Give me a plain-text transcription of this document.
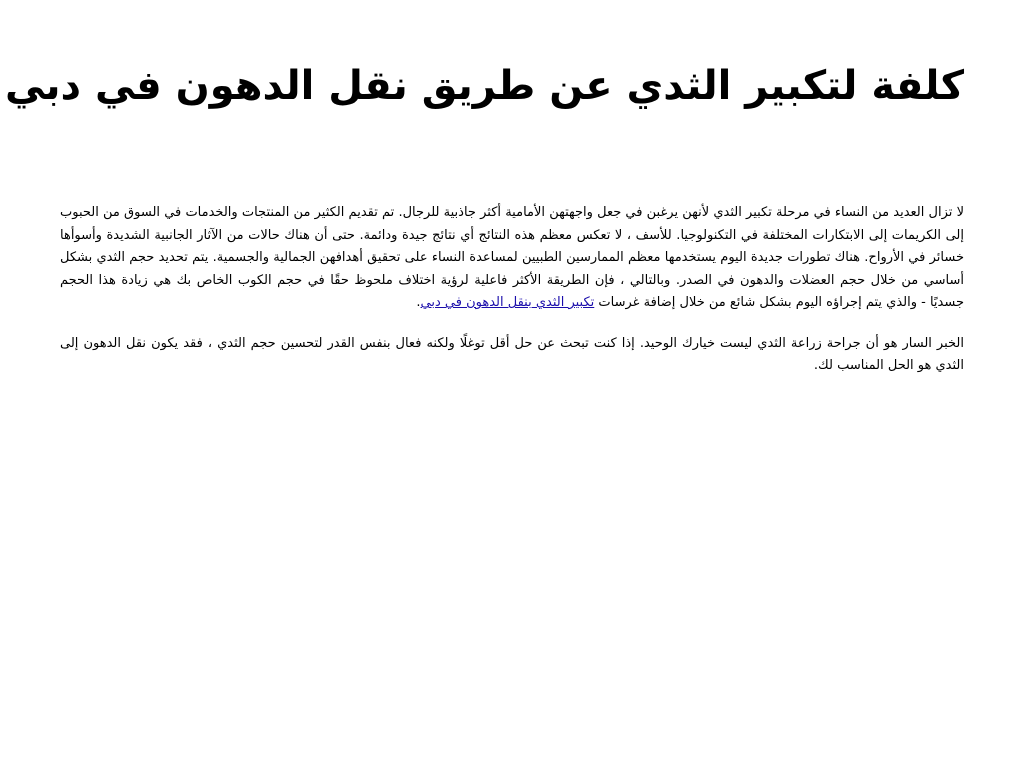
كلفة لتكبير الثدي عن طريق نقل الدهون في دبي

لا تزال العديد من النساء في مرحلة تكبير الثدي لأنهن يرغبن في جعل واجهتهن الأمامية أكثر جاذبية للرجال. تم تقديم الكثير من المنتجات والخدمات في السوق من الحبوب إلى الكريمات إلى الابتكارات المختلفة في التكنولوجيا. للأسف ، لا تعكس معظم هذه النتائج أي نتائج جيدة ودائمة. حتى أن هناك حالات من الآثار الجانبية الشديدة وأسوأها خسائر في الأرواح. هناك تطورات جديدة اليوم يستخدمها معظم الممارسين الطبيين لمساعدة النساء على تحقيق أهدافهن الجمالية والجسمية. يتم تحديد حجم الثدي بشكل أساسي من خلال حجم العضلات والدهون في الصدر. وبالتالي ، فإن الطريقة الأكثر فاعلية لرؤية اختلاف ملحوظ حقًا في حجم الكوب الخاص بك هي زيادة هذا الحجم جسديًا - والذي يتم إجراؤه اليوم بشكل شائع من خلال إضافة غرسات تكبير الثدي بنقل الدهون في دبي.

الخبر السار هو أن جراحة زراعة الثدي ليست خيارك الوحيد. إذا كنت تبحث عن حل أقل توغلًا ولكنه فعال بنفس القدر لتحسين حجم الثدي ، فقد يكون نقل الدهون إلى الثدي هو الحل المناسب لك.
